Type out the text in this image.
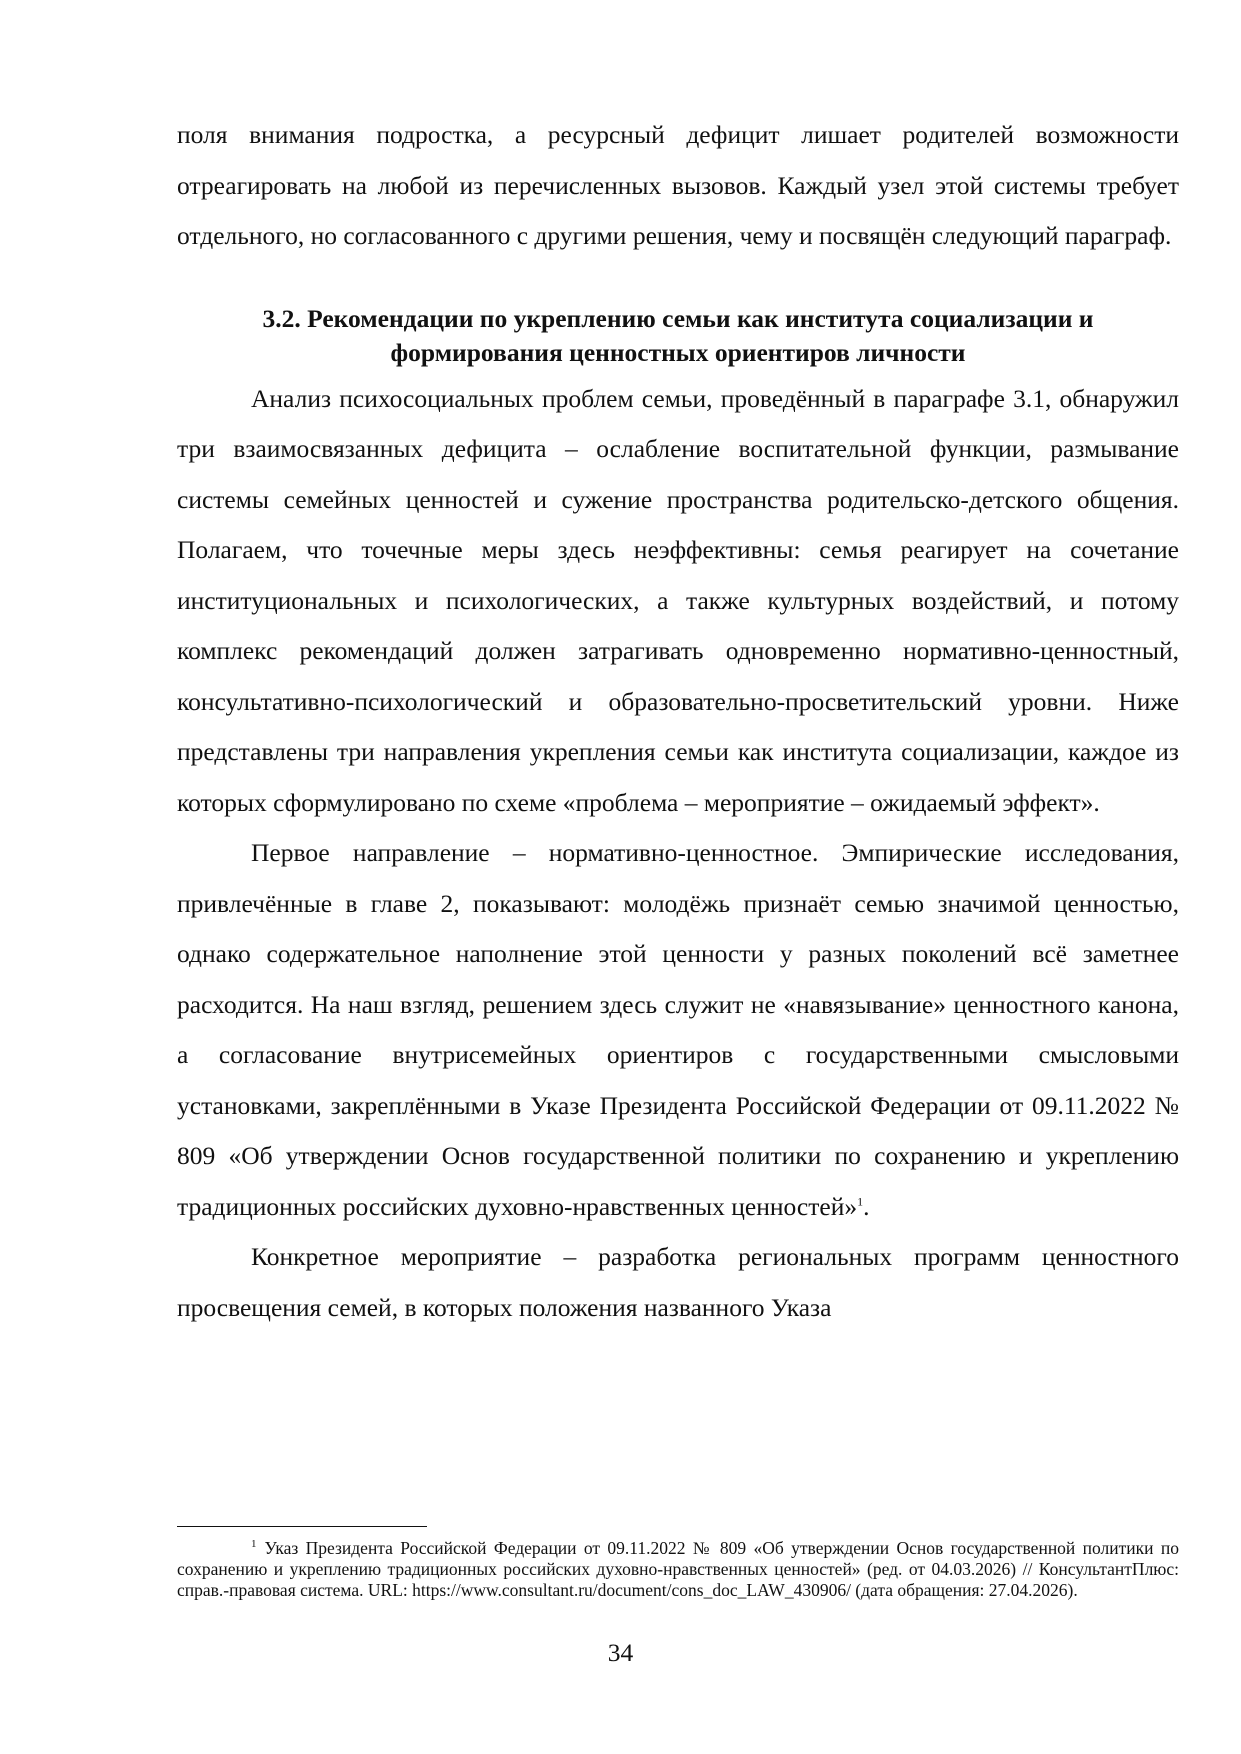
поля внимания подростка, а ресурсный дефицит лишает родителей возможности отреагировать на любой из перечисленных вызовов. Каждый узел этой системы требует отдельного, но согласованного с другими решения, чему и посвящён следующий параграф.

3.2. Рекомендации по укреплению семьи как института социализации и формирования ценностных ориентиров личности

Анализ психосоциальных проблем семьи, проведённый в параграфе 3.1, обнаружил три взаимосвязанных дефицита – ослабление воспитательной функции, размывание системы семейных ценностей и сужение пространства родительско-детского общения. Полагаем, что точечные меры здесь неэффективны: семья реагирует на сочетание институциональных и психологических, а также культурных воздействий, и потому комплекс рекомендаций должен затрагивать одновременно нормативно-ценностный, консультативно-психологический и образовательно-просветительский уровни. Ниже представлены три направления укрепления семьи как института социализации, каждое из которых сформулировано по схеме «проблема – мероприятие – ожидаемый эффект».

Первое направление – нормативно-ценностное. Эмпирические исследования, привлечённые в главе 2, показывают: молодёжь признаёт семью значимой ценностью, однако содержательное наполнение этой ценности у разных поколений всё заметнее расходится. На наш взгляд, решением здесь служит не «навязывание» ценностного канона, а согласование внутрисемейных ориентиров с государственными смысловыми установками, закреплёнными в Указе Президента Российской Федерации от 09.11.2022 № 809 «Об утверждении Основ государственной политики по сохранению и укреплению традиционных российских духовно-нравственных ценностей»$^1$.

Конкретное мероприятие – разработка региональных программ ценностного просвещения семей, в которых положения названного Указа

$^1$ Указ Президента Российской Федерации от 09.11.2022 № 809 «Об утверждении Основ государственной политики по сохранению и укреплению традиционных российских духовно-нравственных ценностей» (ред. от 04.03.2026) // КонсультантПлюс: справ.-правовая система. URL: https://www.consultant.ru/document/cons_doc_LAW_430906/ (дата обращения: 27.04.2026).

34
